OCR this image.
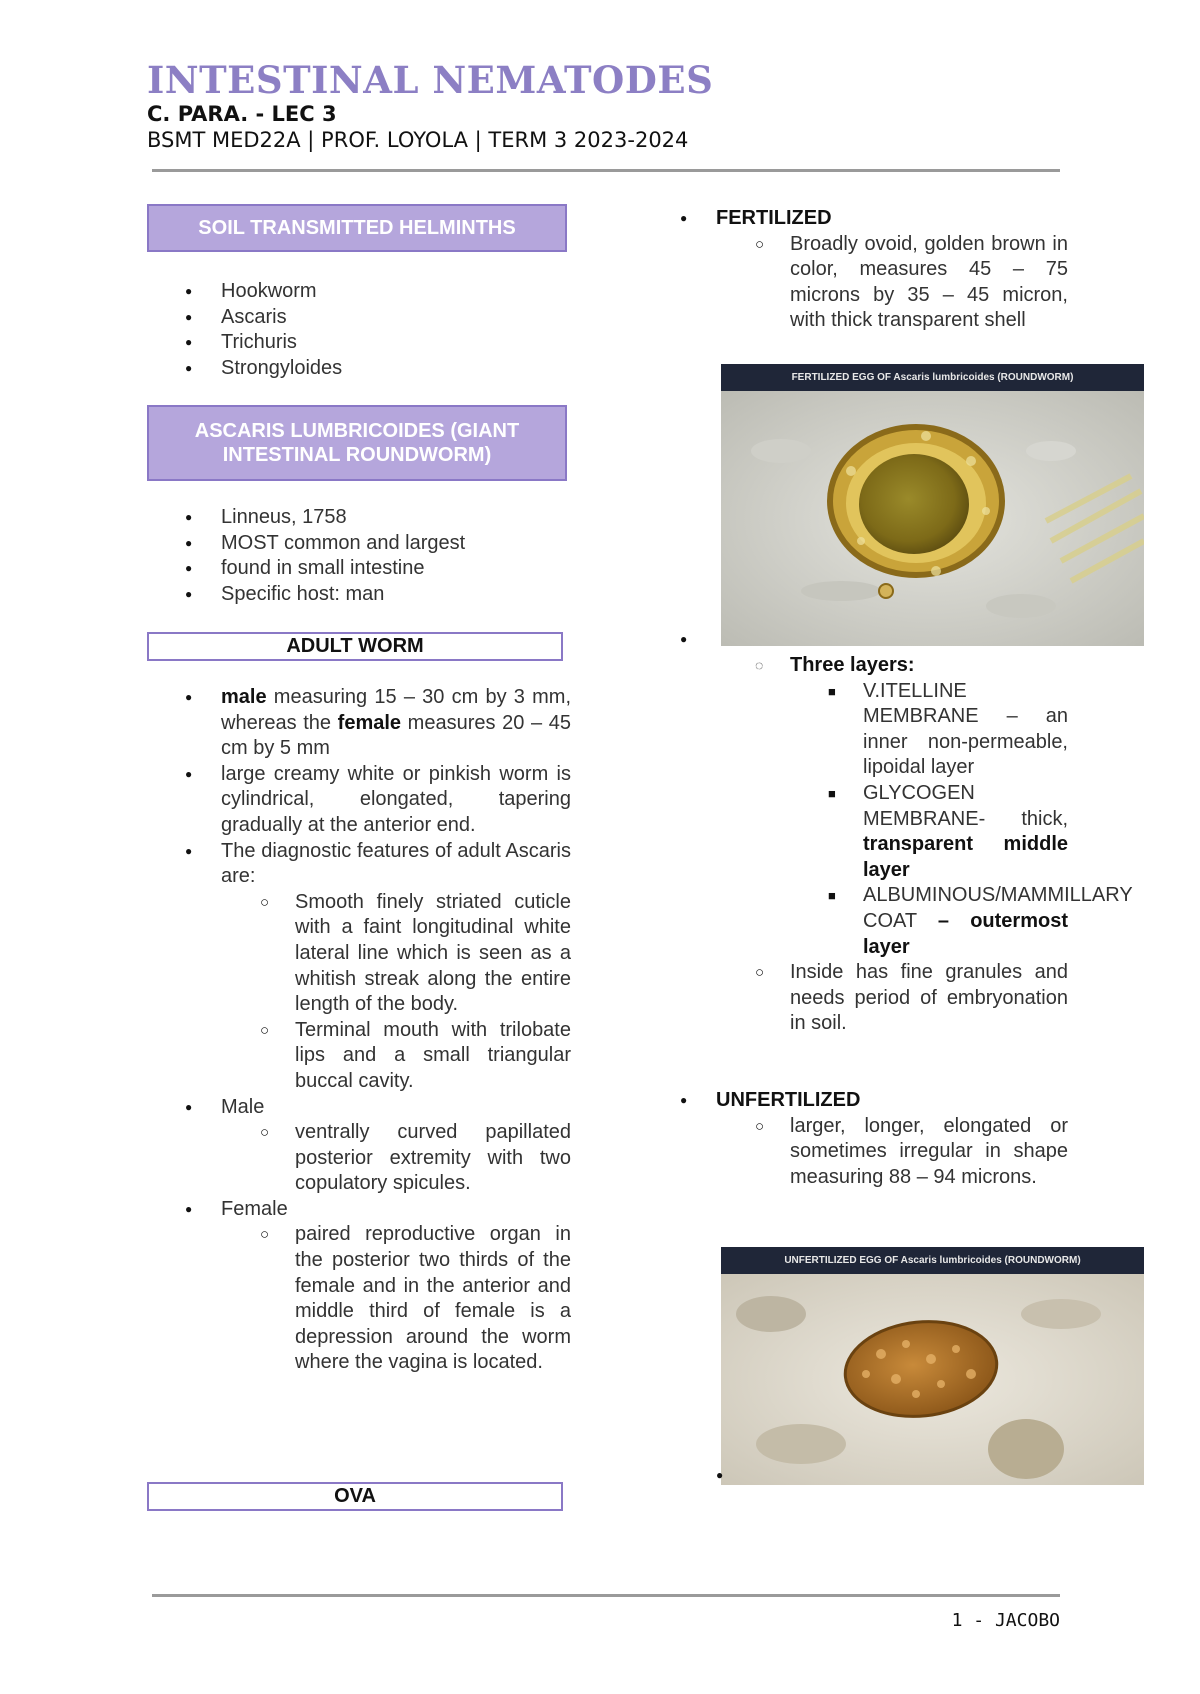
INTESTINAL NEMATODES
C. PARA. - LEC 3
BSMT MED22A | PROF. LOYOLA | TERM 3 2023-2024
SOIL TRANSMITTED HELMINTHS
● Hookworm
● Ascaris
● Trichuris
● Strongyloides
ASCARIS LUMBRICOIDES (GIANT INTESTINAL ROUNDWORM)
● Linneus, 1758
● MOST common and largest
● found in small intestine
● Specific host: man
ADULT WORM
● male measuring 15 – 30 cm by 3 mm, whereas the female measures 20 – 45 cm by 5 mm
● large creamy white or pinkish worm is cylindrical, elongated, tapering gradually at the anterior end.
● The diagnostic features of adult Ascaris are:
○ Smooth finely striated cuticle with a faint longitudinal white lateral line which is seen as a whitish streak along the entire length of the body.
○ Terminal mouth with trilobate lips and a small triangular buccal cavity.
● Male
○ ventrally curved papillated posterior extremity with two copulatory spicules.
● Female
○ paired reproductive organ in the posterior two thirds of the female and in the anterior and middle third of female is a depression around the worm where the vagina is located.
OVA
● FERTILIZED
○ Broadly ovoid, golden brown in color, measures 45 – 75 microns by 35 – 45 micron, with thick transparent shell
FERTILIZED EGG OF Ascaris lumbricoides (ROUNDWORM)
●
◌ Three layers:
■ V.ITELLINE MEMBRANE – an inner non-permeable, lipoidal layer
■ GLYCOGEN MEMBRANE- thick, transparent middle layer
■ ALBUMINOUS/MAMMILLARY COAT – outermost layer
○ Inside has fine granules and needs period of embryonation in soil.
● UNFERTILIZED
○ larger, longer, elongated or sometimes irregular in shape measuring 88 – 94 microns.
UNFERTILIZED EGG OF Ascaris lumbricoides (ROUNDWORM)
1 - JACOBO
